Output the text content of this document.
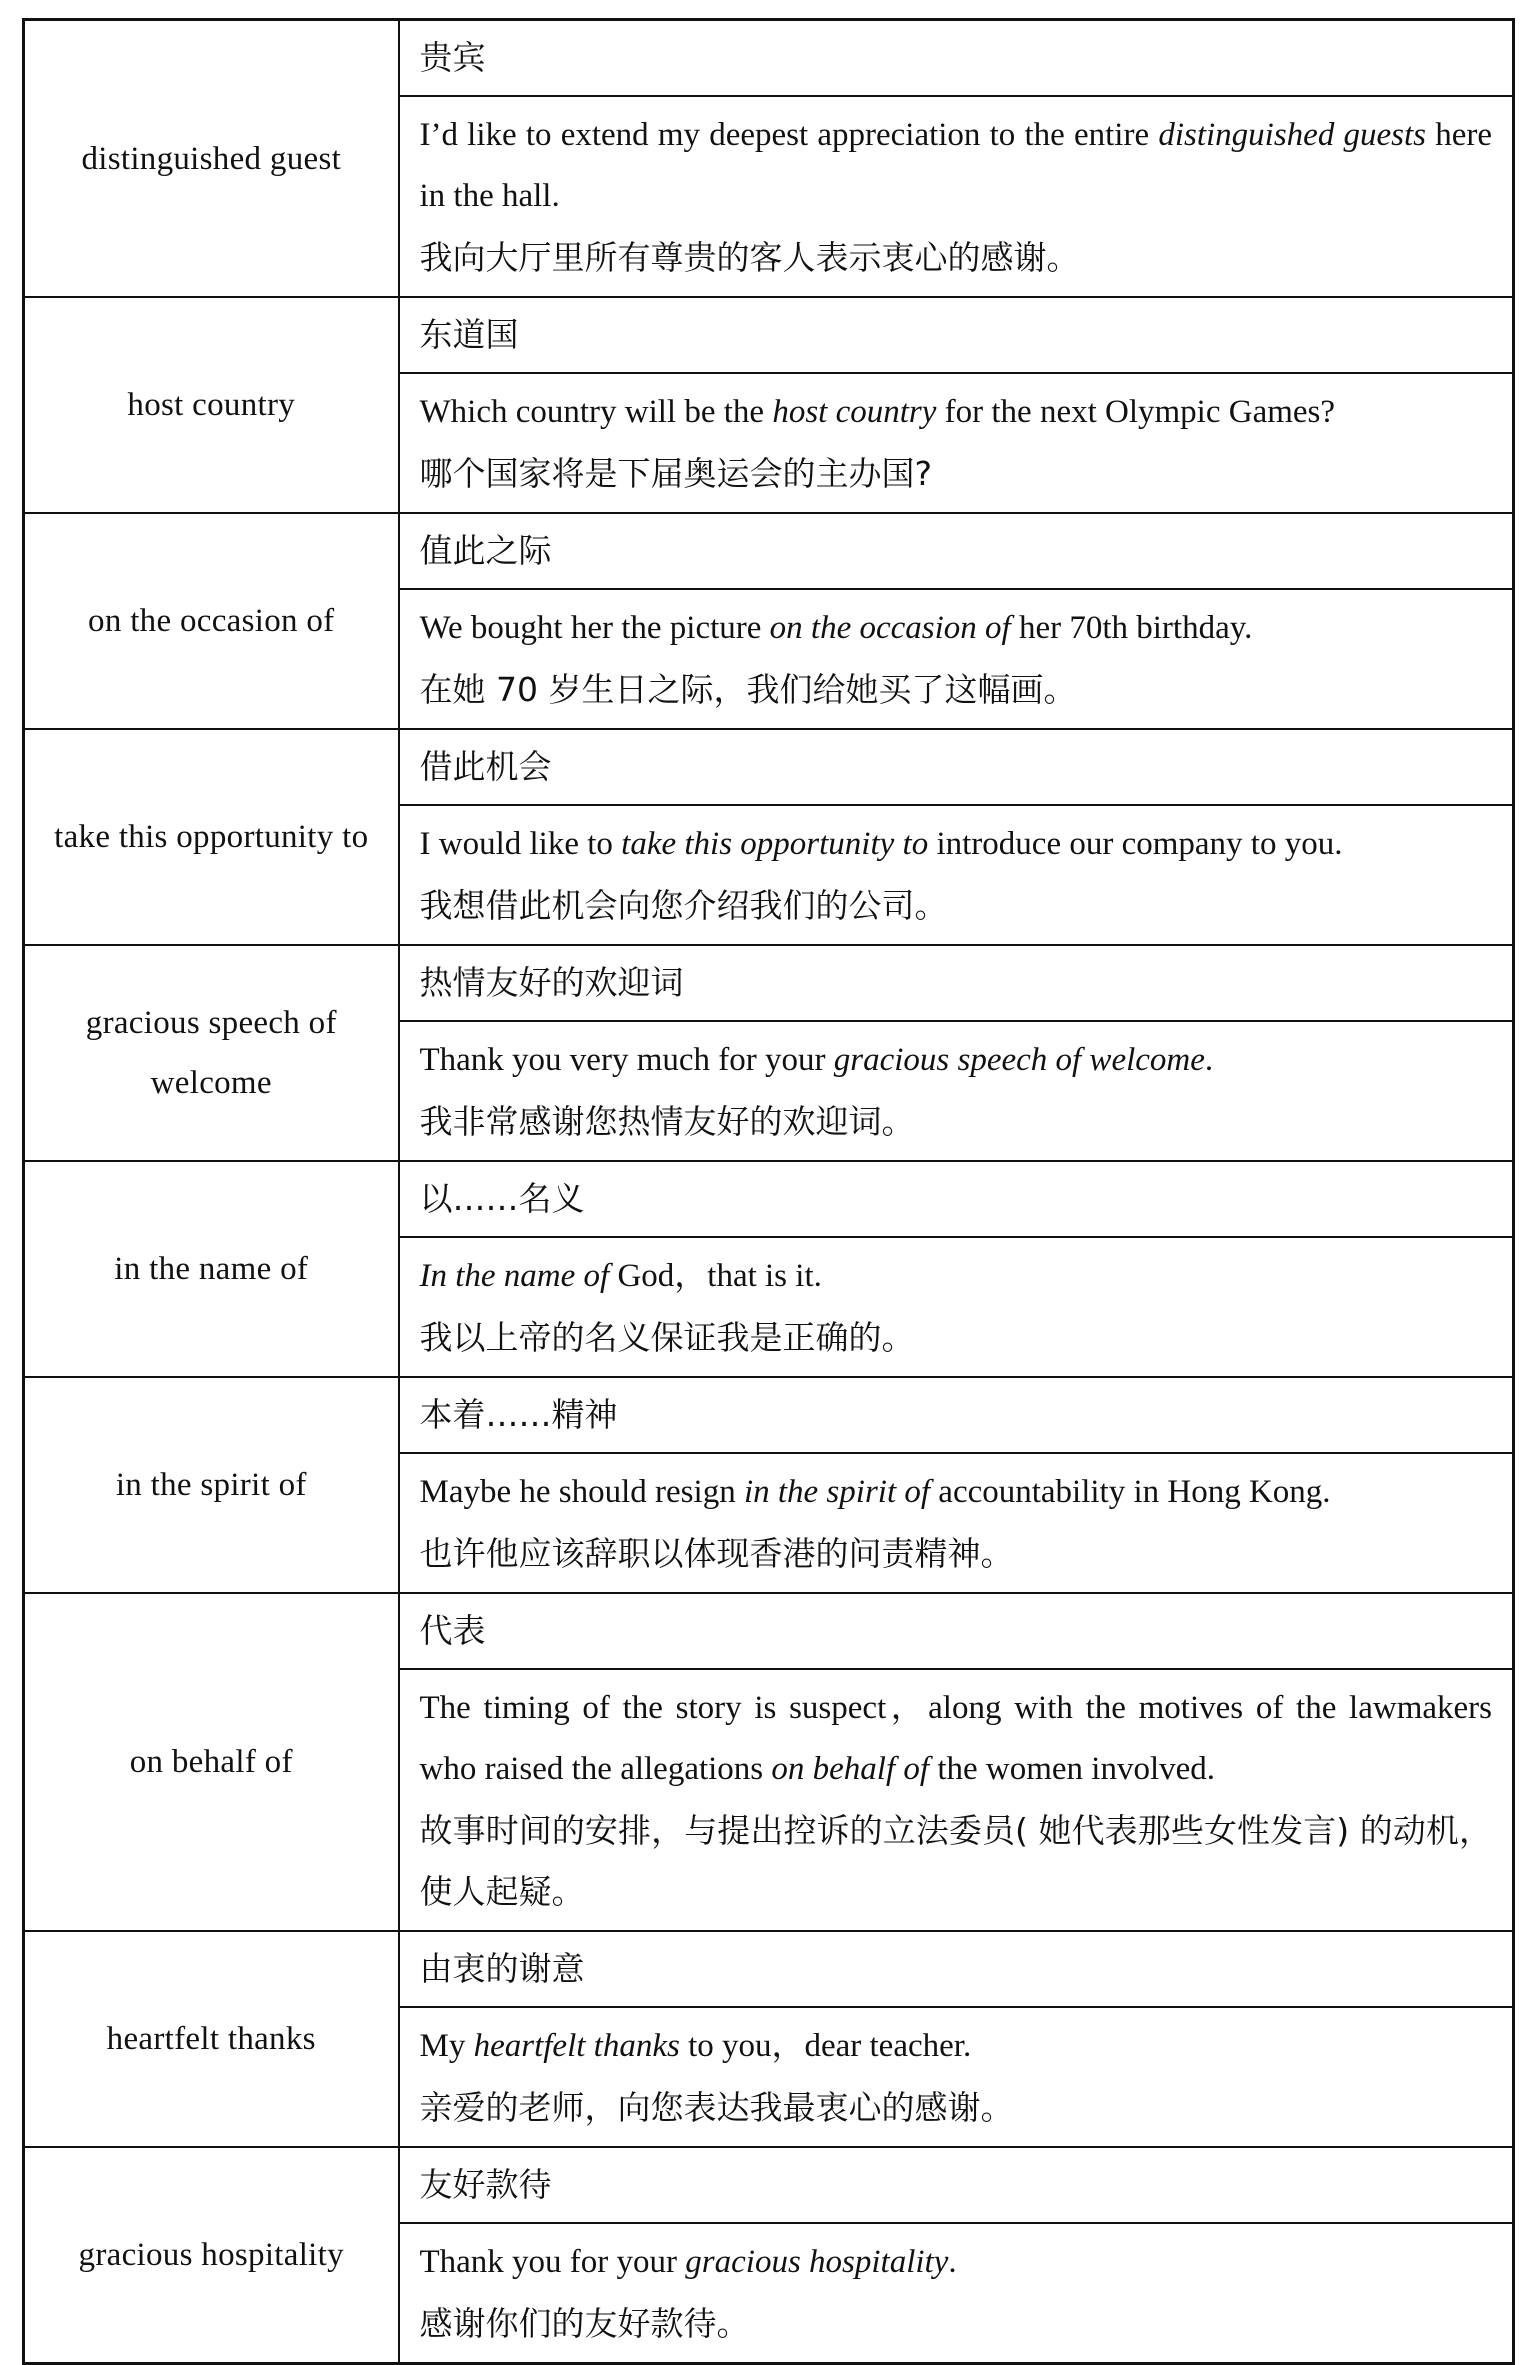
distinguished guest	贵宾

	I’d like to extend my deepest appreciation to the entire distinguished guests here in the hall.
我向大厅里所有尊贵的客人表示衷心的感谢。

host country	东道国

	Which country will be the host country for the next Olympic Games?
哪个国家将是下届奥运会的主办国?

on the occasion of	值此之际

	We bought her the picture on the occasion of her 70th birthday.
在她 70 岁生日之际，我们给她买了这幅画。

take this opportunity to	借此机会

	I would like to take this opportunity to introduce our company to you.
我想借此机会向您介绍我们的公司。

gracious speech of welcome	热情友好的欢迎词

	Thank you very much for your gracious speech of welcome.
我非常感谢您热情友好的欢迎词。

in the name of	以……名义

	In the name of God，that is it.
我以上帝的名义保证我是正确的。

in the spirit of	本着……精神

	Maybe he should resign in the spirit of accountability in Hong Kong.
也许他应该辞职以体现香港的问责精神。

on behalf of	代表

	The timing of the story is suspect，along with the motives of the lawmakers who raised the allegations on behalf of the women involved.
故事时间的安排，与提出控诉的立法委员( 她代表那些女性发言) 的动机，使人起疑。

heartfelt thanks	由衷的谢意

	My heartfelt thanks to you，dear teacher.
亲爱的老师，向您表达我最衷心的感谢。

gracious hospitality	友好款待

	Thank you for your gracious hospitality.
感谢你们的友好款待。
